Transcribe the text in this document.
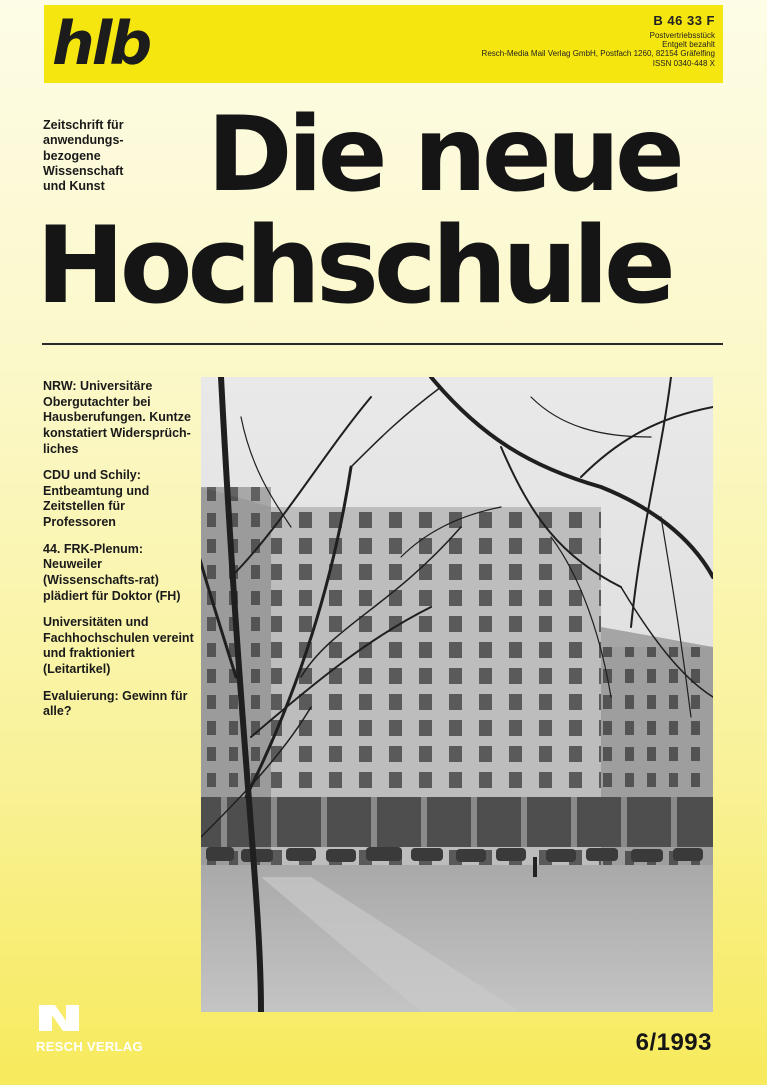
hlb	B 46 33 F
Postvertriebsstück
Entgelt bezahlt
Resch-Media Mail Verlag GmbH, Postfach 1260, 82154 Gräfelfing
ISSN 0340-448 X
Zeitschrift für
anwendungs-
bezogene
Wissenschaft
und Kunst Die neue
Hochschule
NRW: Universitäre Obergutachter bei Hausberufungen. Kuntze konstatiert Widersprüch-liches
CDU und Schily: Entbeamtung und Zeitstellen für Professoren
44. FRK-Plenum: Neuweiler (Wissenschafts-rat) plädiert für Doktor (FH)
Universitäten und Fachhochschulen vereint und fraktioniert (Leitartikel)
Evaluierung: Gewinn für alle?
RESCH VERLAG	6/1993
